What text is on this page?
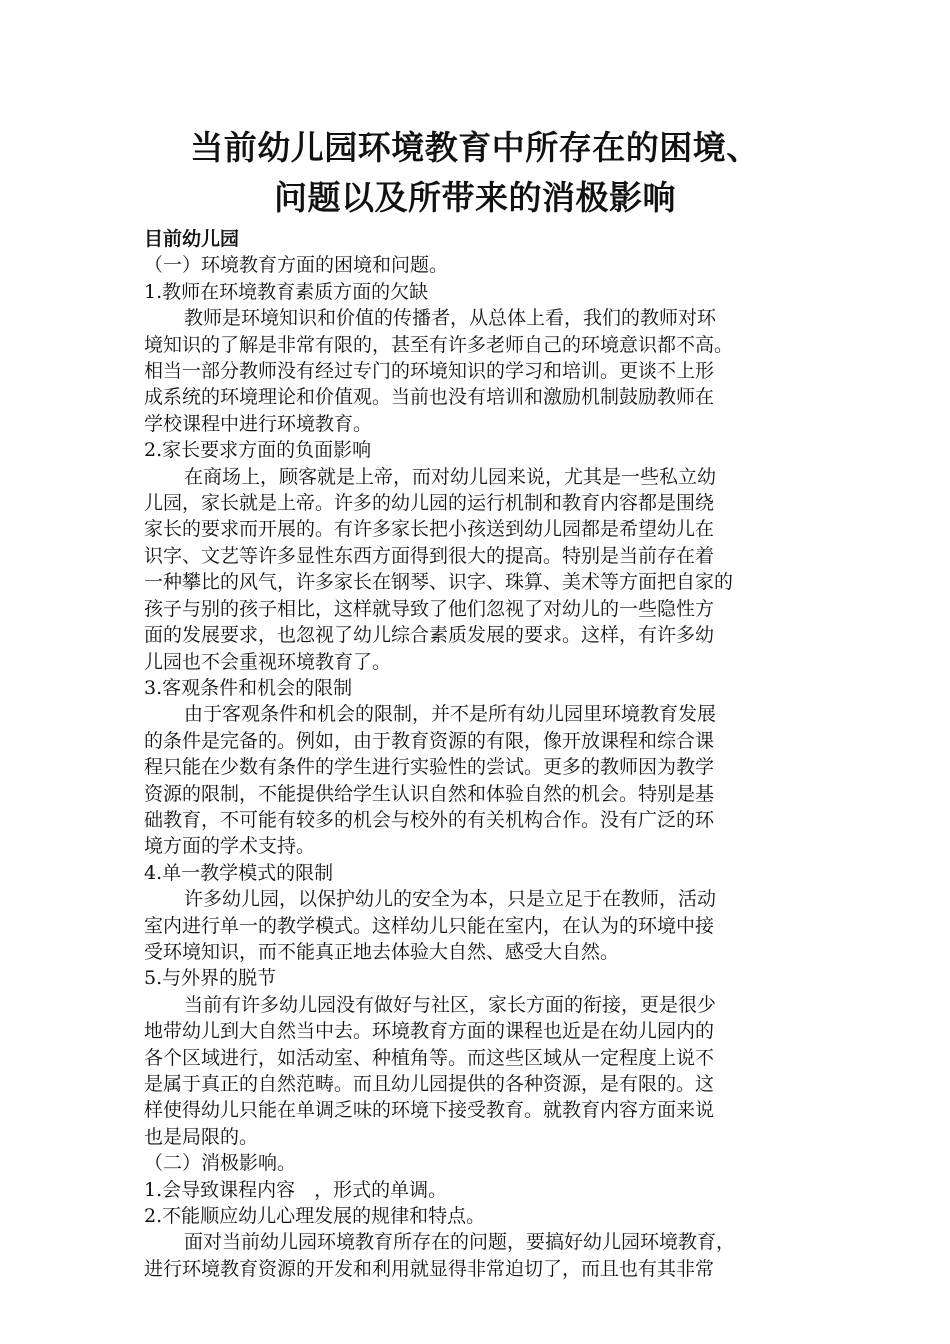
当前幼儿园环境教育中所存在的困境、
问题以及所带来的消极影响
目前幼儿园
（一）环境教育方面的困境和问题。
1.教师在环境教育素质方面的欠缺
教师是环境知识和价值的传播者，从总体上看，我们的教师对环
境知识的了解是非常有限的，甚至有许多老师自己的环境意识都不高。
相当一部分教师没有经过专门的环境知识的学习和培训。更谈不上形
成系统的环境理论和价值观。当前也没有培训和激励机制鼓励教师在
学校课程中进行环境教育。
2.家长要求方面的负面影响
在商场上，顾客就是上帝，而对幼儿园来说，尤其是一些私立幼
儿园，家长就是上帝。许多的幼儿园的运行机制和教育内容都是围绕
家长的要求而开展的。有许多家长把小孩送到幼儿园都是希望幼儿在
识字、文艺等许多显性东西方面得到很大的提高。特别是当前存在着
一种攀比的风气，许多家长在钢琴、识字、珠算、美术等方面把自家的
孩子与别的孩子相比，这样就导致了他们忽视了对幼儿的一些隐性方
面的发展要求，也忽视了幼儿综合素质发展的要求。这样，有许多幼
儿园也不会重视环境教育了。
3.客观条件和机会的限制
由于客观条件和机会的限制，并不是所有幼儿园里环境教育发展
的条件是完备的。例如，由于教育资源的有限，像开放课程和综合课
程只能在少数有条件的学生进行实验性的尝试。更多的教师因为教学
资源的限制，不能提供给学生认识自然和体验自然的机会。特别是基
础教育，不可能有较多的机会与校外的有关机构合作。没有广泛的环
境方面的学术支持。
4.单一教学模式的限制
许多幼儿园，以保护幼儿的安全为本，只是立足于在教师，活动
室内进行单一的教学模式。这样幼儿只能在室内，在认为的环境中接
受环境知识，而不能真正地去体验大自然、感受大自然。
5.与外界的脱节
当前有许多幼儿园没有做好与社区，家长方面的衔接，更是很少
地带幼儿到大自然当中去。环境教育方面的课程也近是在幼儿园内的
各个区域进行，如活动室、种植角等。而这些区域从一定程度上说不
是属于真正的自然范畴。而且幼儿园提供的各种资源，是有限的。这
样使得幼儿只能在单调乏味的环境下接受教育。就教育内容方面来说
也是局限的。
（二）消极影响。
1.会导致课程内容　，形式的单调。
2.不能顺应幼儿心理发展的规律和特点。
面对当前幼儿园环境教育所存在的问题，要搞好幼儿园环境教育，
进行环境教育资源的开发和利用就显得非常迫切了，而且也有其非常
